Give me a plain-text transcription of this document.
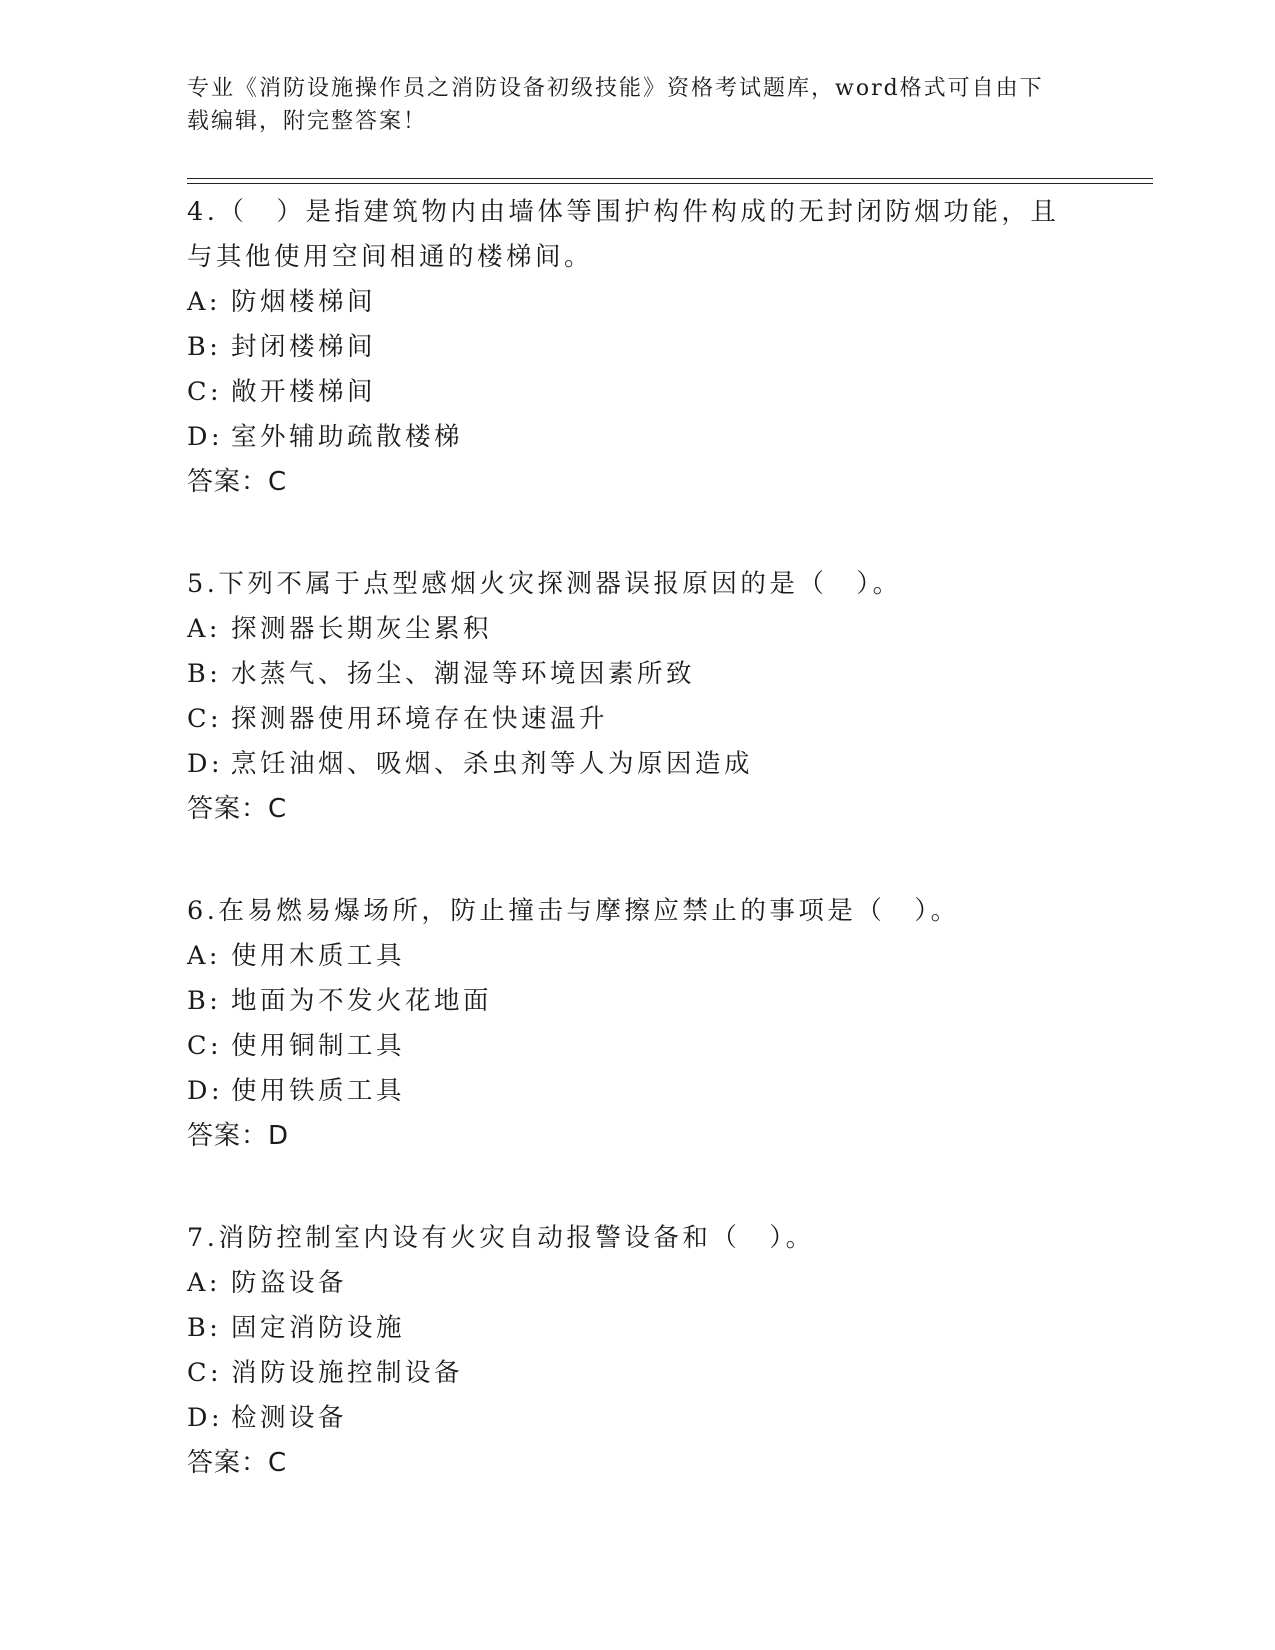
专业《消防设施操作员之消防设备初级技能》资格考试题库，word格式可自由下载编辑，附完整答案！

4.（　）是指建筑物内由墙体等围护构件构成的无封闭防烟功能，且与其他使用空间相通的楼梯间。

A: 防烟楼梯间

B: 封闭楼梯间

C: 敞开楼梯间

D: 室外辅助疏散楼梯

答案：C

5.下列不属于点型感烟火灾探测器误报原因的是（　）。

A: 探测器长期灰尘累积

B: 水蒸气、扬尘、潮湿等环境因素所致

C: 探测器使用环境存在快速温升

D: 烹饪油烟、吸烟、杀虫剂等人为原因造成

答案：C

6.在易燃易爆场所，防止撞击与摩擦应禁止的事项是（　）。

A: 使用木质工具

B: 地面为不发火花地面

C: 使用铜制工具

D: 使用铁质工具

答案：D

7.消防控制室内设有火灾自动报警设备和（　）。

A: 防盗设备

B: 固定消防设施

C: 消防设施控制设备

D: 检测设备

答案：C
